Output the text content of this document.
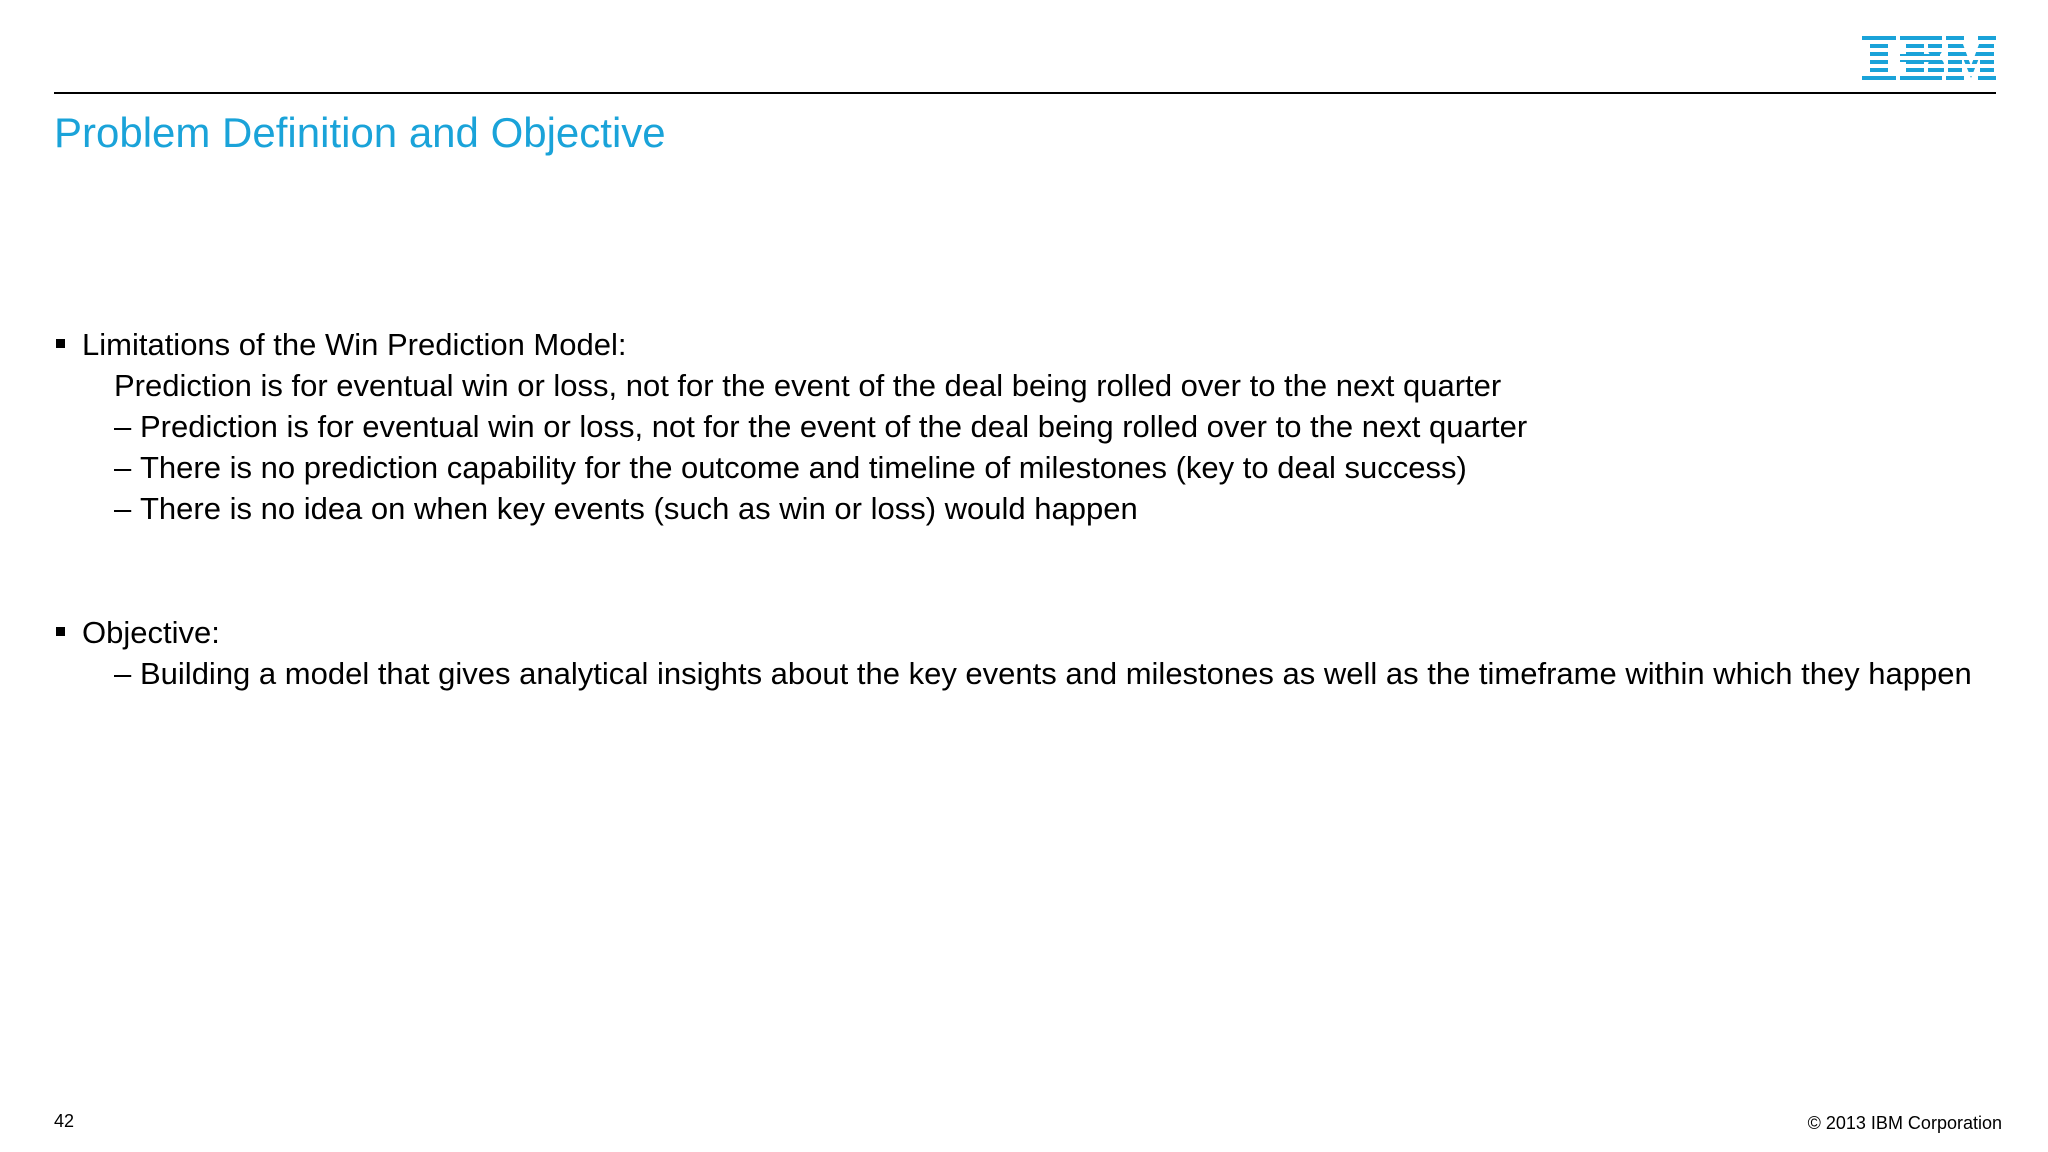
Problem Definition and Objective
Limitations of the Win Prediction Model:
Prediction is for eventual win or loss, not for the event of the deal being rolled over to the next quarter
– Prediction is for eventual win or loss, not for the event of the deal being rolled over to the next quarter
– There is no prediction capability for the outcome and timeline of milestones (key to deal success)
– There is no idea on when key events (such as win or loss) would happen
Objective:
– Building a model that gives analytical insights about the key events and milestones as well as the timeframe within which they happen
42	© 2013 IBM Corporation
